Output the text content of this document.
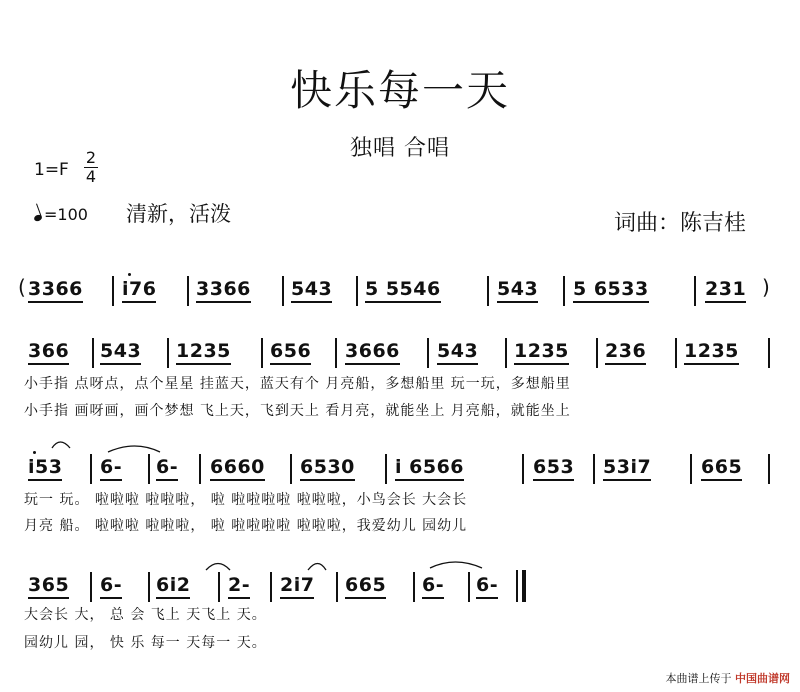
快乐每一天
独唱 合唱
1=F
2
4
=100 清新，活泼	词曲：陈吉桂
( 3366 i76 3366 543 5 5546	543 5 6533	231 )
366 543 1235 656 3666 543 1235 236 1235
小手指 点呀点，点个星星 挂蓝天，蓝天有个 月亮船，多想船里 玩一玩，多想船里
小手指 画呀画，画个梦想 飞上天，飞到天上 看月亮，就能坐上 月亮船，就能坐上
i53 6- 6- 6660 6530 i 6566	653 53i7	665
玩一 玩。 啦啦啦 啦啦啦， 啦 啦啦啦啦 啦啦啦，小鸟会长 大会长
月亮 船。 啦啦啦 啦啦啦， 啦 啦啦啦啦 啦啦啦，我爱幼儿 园幼儿
365 6- 6i2 2- 2i7 665 6- 6-
大会长 大， 总 会 飞上 天飞上 天。
园幼儿 园， 快 乐 每一 天每一 天。
本曲谱上传于 中国曲谱网
